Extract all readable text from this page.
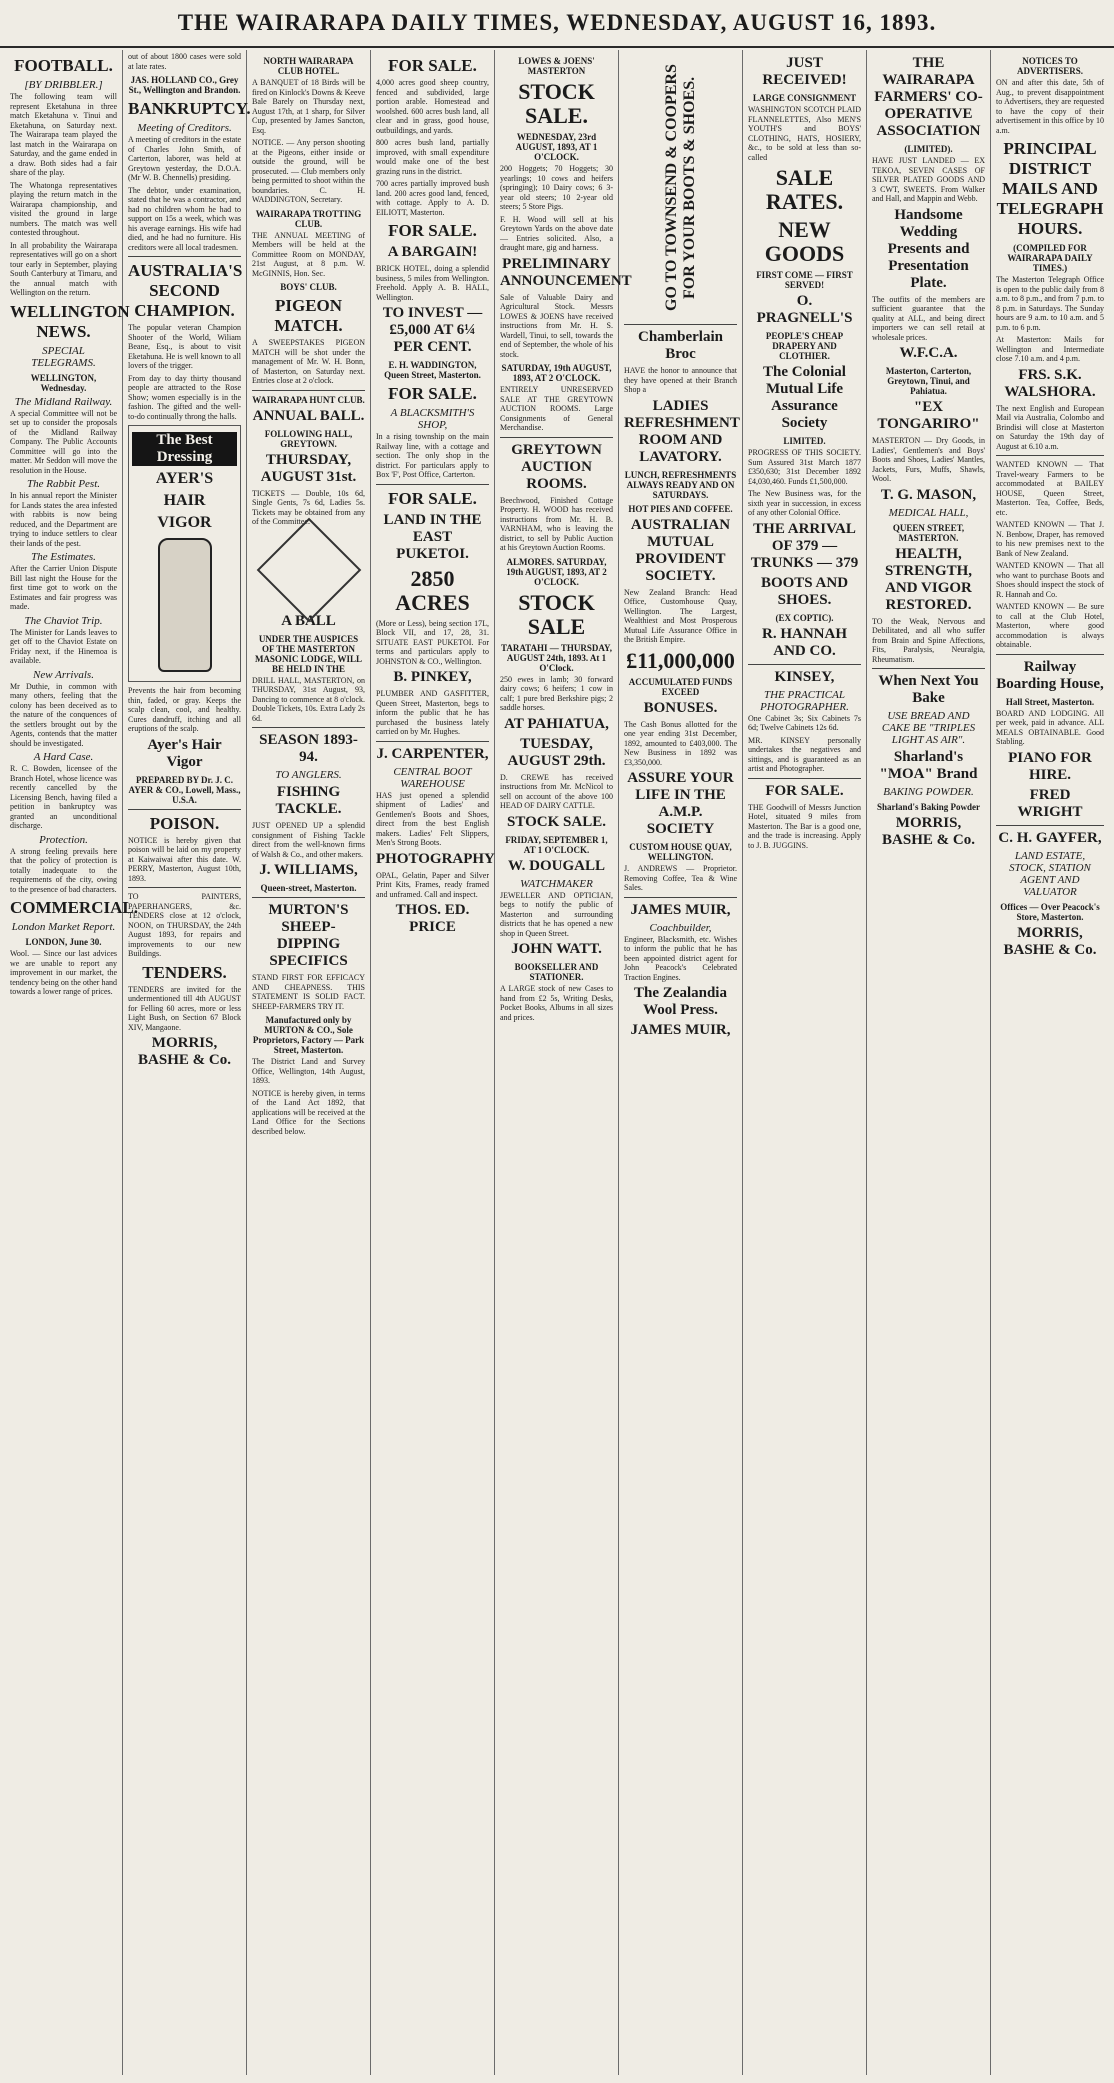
THE WAIRARAPA DAILY TIMES, WEDNESDAY, AUGUST 16, 1893.
FOOTBALL.
[BY DRIBBLER.]

The following team will represent Eketahuna in three match Eketahuna v. Tinui and Eketahuna, on Saturday next. The Wairarapa team played the last match in the Wairarapa on Saturday, and the game ended in a draw. Both sides had a fair share of the play.

The Whatonga representatives playing the return match in the Wairarapa championship, and visited the ground in large numbers. The match was well contested throughout.

In all probability the Wairarapa representatives will go on a short tour early in September, playing South Canterbury at Timaru, and the annual match with Wellington on the return.

WELLINGTON NEWS.
SPECIAL TELEGRAMS.
WELLINGTON, Wednesday.
The Midland Railway.

A special Committee will not be set up to consider the proposals of the Midland Railway Company. The Public Accounts Committee will go into the matter. Mr Seddon will move the resolution in the House.

The Rabbit Pest.

In his annual report the Minister for Lands states the area infested with rabbits is now being reduced, and the Department are trying to induce settlers to clear their lands of the pest.

The Estimates.

After the Carrier Union Dispute Bill last night the House for the first time got to work on the Estimates and fair progress was made.

The Chaviot Trip.

The Minister for Lands leaves to get off to the Chaviot Estate on Friday next, if the Hinemoa is available.

New Arrivals.

Mr Duthie, in common with many others, feeling that the colony has been deceived as to the nature of the conquences of the settlers brought out by the Agents, contends that the matter should be investigated.

A Hard Case.

R. C. Bowden, licensee of the Branch Hotel, whose licence was recently cancelled by the Licensing Bench, having filed a petition in bankruptcy was granted an unconditional discharge.

Protection.

A strong feeling prevails here that the policy of protection is totally inadequate to the requirements of the city, owing to the presence of bad characters.

COMMERCIAL.
London Market Report.
LONDON, June 30.

Wool. — Since our last advices we are unable to report any improvement in our market, the tendency being on the other hand towards a lower range of prices.

out of about 1800 cases were sold at late rates.

JAS. HOLLAND CO., Grey St., Wellington and Brandon.
BANKRUPTCY.
Meeting of Creditors.

A meeting of creditors in the estate of Charles John Smith, of Carterton, laborer, was held at Greytown yesterday, the D.O.A. (Mr W. B. Chennells) presiding.

The debtor, under examination, stated that he was a contractor, and had no children whom he had to support on 15s a week, which was his average earnings. His wife had died, and he had no furniture. His creditors were all local tradesmen.

AUSTRALIA'S SECOND CHAMPION.

The popular veteran Champion Shooter of the World, Wiliam Beane, Esq., is about to visit Eketahuna. He is well known to all lovers of the trigger.

From day to day thirty thousand people are attracted to the Rose Show; women especially is in the fashion. The gifted and the well-to-do continually throng the halls.

The Best Dressing
AYER'S
HAIR
VIGOR

Prevents the hair from becoming thin, faded, or gray. Keeps the scalp clean, cool, and healthy. Cures dandruff, itching and all eruptions of the scalp.

Ayer's Hair Vigor
PREPARED BY Dr. J. C. AYER & CO., Lowell, Mass., U.S.A.
POISON.

NOTICE is hereby given that poison will be laid on my property at Kaiwaiwai after this date. W. PERRY, Masterton, August 10th, 1893.

TO PAINTERS, PAPERHANGERS, &c. TENDERS close at 12 o'clock, NOON, on THURSDAY, the 24th August 1893, for repairs and improvements to our new Buildings.

TENDERS.

TENDERS are invited for the undermentioned till 4th AUGUST for Felling 60 acres, more or less Light Bush, on Section 67 Block XIV, Mangaone.

MORRIS, BASHE & Co.
NORTH WAIRARAPA CLUB HOTEL.

A BANQUET of 18 Birds will be fired on Kinlock's Downs & Keeve Bale Barely on Thursday next, August 17th, at 1 sharp, for Silver Cup, presented by James Sancton, Esq.

NOTICE. — Any person shooting at the Pigeons, either inside or outside the ground, will be prosecuted. — Club members only being permitted to shoot within the boundaries. C. H. WADDINGTON, Secretary.

WAIRARAPA TROTTING CLUB.

THE ANNUAL MEETING of Members will be held at the Committee Room on MONDAY, 21st August, at 8 p.m. W. McGINNIS, Hon. Sec.

BOYS' CLUB.
PIGEON MATCH.

A SWEEPSTAKES PIGEON MATCH will be shot under the management of Mr. W. H. Bonn, of Masterton, on Saturday next. Entries close at 2 o'clock.

WAIRARAPA HUNT CLUB.
ANNUAL BALL.
FOLLOWING HALL, GREYTOWN.
THURSDAY, AUGUST 31st.

TICKETS — Double, 10s 6d, Single Gents, 7s 6d, Ladies 5s. Tickets may be obtained from any of the Committee.

A BALL
UNDER THE AUSPICES OF THE MASTERTON MASONIC LODGE, WILL BE HELD IN THE

DRILL HALL, MASTERTON, on THURSDAY, 31st August, 93, Dancing to commence at 8 o'clock. Double Tickets, 10s. Extra Lady 2s 6d.

SEASON 1893-94.
TO ANGLERS.
FISHING TACKLE.

JUST OPENED UP a splendid consignment of Fishing Tackle direct from the well-known firms of Walsh & Co., and other makers.

J. WILLIAMS,
Queen-street, Masterton.
MURTON'S SHEEP-DIPPING SPECIFICS

STAND FIRST FOR EFFICACY AND CHEAPNESS. THIS STATEMENT IS SOLID FACT. SHEEP-FARMERS TRY IT.

Manufactured only by MURTON & CO., Sole Proprietors, Factory — Park Street, Masterton.

The District Land and Survey Office, Wellington, 14th August, 1893.

NOTICE is hereby given, in terms of the Land Act 1892, that applications will be received at the Land Office for the Sections described below.

FOR SALE.

4,000 acres good sheep country, fenced and subdivided, large portion arable. Homestead and woolshed. 600 acres bush land, all clear and in grass, good house, outbuildings, and yards.

800 acres bush land, partially improved, with small expenditure would make one of the best grazing runs in the district.

700 acres partially improved bush land. 200 acres good land, fenced, with cottage. Apply to A. D. EILIOTT, Masterton.

FOR SALE.
A BARGAIN!

BRICK HOTEL, doing a splendid business, 5 miles from Wellington. Freehold. Apply A. B. HALL, Wellington.

TO INVEST — £5,000 AT 6¼ PER CENT.
E. H. WADDINGTON, Queen Street, Masterton.
FOR SALE.
A BLACKSMITH'S SHOP,

In a rising township on the main Railway line, with a cottage and section. The only shop in the district. For particulars apply to Box 'F', Post Office, Carterton.

FOR SALE.
LAND IN THE EAST PUKETOI.
2850 ACRES

(More or Less), being section 17L, Block VII, and 17, 28, 31. SITUATE EAST PUKETOI. For terms and particulars apply to JOHNSTON & CO., Wellington.

B. PINKEY,

PLUMBER AND GASFITTER, Queen Street, Masterton, begs to inform the public that he has purchased the business lately carried on by Mr. Hughes.

J. CARPENTER,
CENTRAL BOOT WAREHOUSE

HAS just opened a splendid shipment of Ladies' and Gentlemen's Boots and Shoes, direct from the best English makers. Ladies' Felt Slippers, Men's Strong Boots.

PHOTOGRAPHY

OPAL, Gelatin, Paper and Silver Print Kits, Frames, ready framed and unframed. Call and inspect.

THOS. ED. PRICE
LOWES & JOENS' MASTERTON
STOCK SALE.
WEDNESDAY, 23rd AUGUST, 1893, AT 1 O'CLOCK.

200 Hoggets; 70 Hoggets; 30 yearlings; 10 cows and heifers (springing); 10 Dairy cows; 6 3-year old steers; 10 2-year old steers; 5 Store Pigs.

F. H. Wood will sell at his Greytown Yards on the above date — Entries solicited. Also, a draught mare, gig and harness.

PRELIMINARY ANNOUNCEMENT

Sale of Valuable Dairy and Agricultural Stock. Messrs LOWES & JOENS have received instructions from Mr. H. S. Wardell, Tinui, to sell, towards the end of September, the whole of his stock.

SATURDAY, 19th AUGUST, 1893, AT 2 O'CLOCK.

ENTIRELY UNRESERVED SALE AT THE GREYTOWN AUCTION ROOMS. Large Consignments of General Merchandise.

GREYTOWN AUCTION ROOMS.

Beechwood, Finished Cottage Property. H. WOOD has received instructions from Mr. H. B. VARNHAM, who is leaving the district, to sell by Public Auction at his Greytown Auction Rooms.

ALMORES. SATURDAY, 19th AUGUST, 1893, AT 2 O'CLOCK.
STOCK SALE
TARATAHI — THURSDAY, AUGUST 24th, 1893. At 1 O'Clock.

250 ewes in lamb; 30 forward dairy cows; 6 heifers; 1 cow in calf; 1 pure bred Berkshire pigs; 2 saddle horses.

AT PAHIATUA,
TUESDAY, AUGUST 29th.

D. CREWE has received instructions from Mr. McNicol to sell on account of the above 100 HEAD OF DAIRY CATTLE.

STOCK SALE.
FRIDAY, SEPTEMBER 1, AT 1 O'CLOCK.
W. DOUGALL
WATCHMAKER

JEWELLER AND OPTICIAN, begs to notify the public of Masterton and surrounding districts that he has opened a new shop in Queen Street.

JOHN WATT.
BOOKSELLER AND STATIONER.

A LARGE stock of new Cases to hand from £2 5s, Writing Desks, Pocket Books, Albums in all sizes and prices.

GO TO TOWNSEND & COOPERS FOR YOUR BOOTS & SHOES.
Chamberlain Broc

HAVE the honor to announce that they have opened at their Branch Shop a

LADIES REFRESHMENT ROOM AND LAVATORY.
LUNCH, REFRESHMENTS ALWAYS READY AND ON SATURDAYS.
HOT PIES AND COFFEE.
AUSTRALIAN MUTUAL PROVIDENT SOCIETY.

New Zealand Branch: Head Office, Customhouse Quay, Wellington. The Largest, Wealthiest and Most Prosperous Mutual Life Assurance Office in the British Empire.

£11,000,000
ACCUMULATED FUNDS EXCEED
BONUSES.

The Cash Bonus allotted for the one year ending 31st December, 1892, amounted to £403,000. The New Business in 1892 was £3,350,000.

ASSURE YOUR LIFE IN THE A.M.P. SOCIETY
CUSTOM HOUSE QUAY, WELLINGTON.

J. ANDREWS — Proprietor. Removing Coffee, Tea & Wine Sales.

JAMES MUIR,
Coachbuilder,

Engineer, Blacksmith, etc. Wishes to inform the public that he has been appointed district agent for John Peacock's Celebrated Traction Engines.

The Zealandia Wool Press.
JAMES MUIR,
JUST RECEIVED!
LARGE CONSIGNMENT

WASHINGTON SCOTCH PLAID FLANNELETTES, Also MEN'S YOUTH'S and BOYS' CLOTHING, HATS, HOSIERY, &c., to be sold at less than so-called

SALE RATES.
NEW GOODS
FIRST COME — FIRST SERVED!
O. PRAGNELL'S
PEOPLE'S CHEAP DRAPERY AND CLOTHIER.
The Colonial Mutual Life Assurance Society
LIMITED.

PROGRESS OF THIS SOCIETY. Sum Assured 31st March 1877 £350,630; 31st December 1892 £4,030,460. Funds £1,500,000.

The New Business was, for the sixth year in succession, in excess of any other Colonial Office.

THE ARRIVAL OF 379 — TRUNKS — 379
BOOTS AND SHOES.
(EX COPTIC).
R. HANNAH AND CO.
KINSEY,
THE PRACTICAL PHOTOGRAPHER.

One Cabinet 3s; Six Cabinets 7s 6d; Twelve Cabinets 12s 6d.

MR. KINSEY personally undertakes the negatives and sittings, and is guaranteed as an artist and Photographer.

FOR SALE.

THE Goodwill of Messrs Junction Hotel, situated 9 miles from Masterton. The Bar is a good one, and the trade is increasing. Apply to J. B. JUGGINS.

THE WAIRARAPA FARMERS' CO-OPERATIVE ASSOCIATION
(LIMITED).

HAVE JUST LANDED — EX TEKOA, SEVEN CASES OF SILVER PLATED GOODS AND 3 CWT, SWEETS. From Walker and Hall, and Mappin and Webb.

Handsome Wedding Presents and Presentation Plate.

The outfits of the members are sufficient guarantee that the quality at ALL, and being direct importers we can sell retail at wholesale prices.

W.F.C.A.
Masterton, Carterton, Greytown, Tinui, and Pahiatua.
"EX TONGARIRO"

MASTERTON — Dry Goods, in Ladies', Gentlemen's and Boys' Boots and Shoes, Ladies' Mantles, Jackets, Furs, Muffs, Shawls, Wool.

T. G. MASON,
MEDICAL HALL,
QUEEN STREET, MASTERTON.
HEALTH, STRENGTH, AND VIGOR RESTORED.

TO the Weak, Nervous and Debilitated, and all who suffer from Brain and Spine Affections, Fits, Paralysis, Neuralgia, Rheumatism.

When Next You Bake
USE BREAD AND CAKE BE "TRIPLES LIGHT AS AIR".
Sharland's "MOA" Brand
BAKING POWDER.
Sharland's Baking Powder
MORRIS, BASHE & Co.
NOTICES TO ADVERTISERS.

ON and after this date, 5th of Aug., to prevent disappointment to Advertisers, they are requested to have the copy of their advertisement in this office by 10 a.m.

PRINCIPAL DISTRICT MAILS AND TELEGRAPH HOURS.
(COMPILED FOR WAIRARAPA DAILY TIMES.)

The Masterton Telegraph Office is open to the public daily from 8 a.m. to 8 p.m., and from 7 p.m. to 8 p.m. in Saturdays. The Sunday hours are 9 a.m. to 10 a.m. and 5 p.m. to 6 p.m.

At Masterton: Mails for Wellington and Intermediate close 7.10 a.m. and 4 p.m.

FRS. S.K. WALSHORA.

The next English and European Mail via Australia, Colombo and Brindisi will close at Masterton on Saturday the 19th day of August at 6.10 a.m.

WANTED KNOWN — That Travel-weary Farmers to be accommodated at BAILEY HOUSE, Queen Street, Masterton. Tea, Coffee, Beds, etc.

WANTED KNOWN — That J. N. Benbow, Draper, has removed to his new premises next to the Bank of New Zealand.

WANTED KNOWN — That all who want to purchase Boots and Shoes should inspect the stock of R. Hannah and Co.

WANTED KNOWN — Be sure to call at the Club Hotel, Masterton, where good accommodation is always obtainable.

Railway Boarding House,
Hall Street, Masterton.

BOARD AND LODGING. All per week, paid in advance. ALL MEALS OBTAINABLE. Good Stabling.

PIANO FOR HIRE.
FRED WRIGHT
C. H. GAYFER,
LAND ESTATE, STOCK, STATION AGENT AND VALUATOR
Offices — Over Peacock's Store, Masterton.
MORRIS, BASHE & Co.
